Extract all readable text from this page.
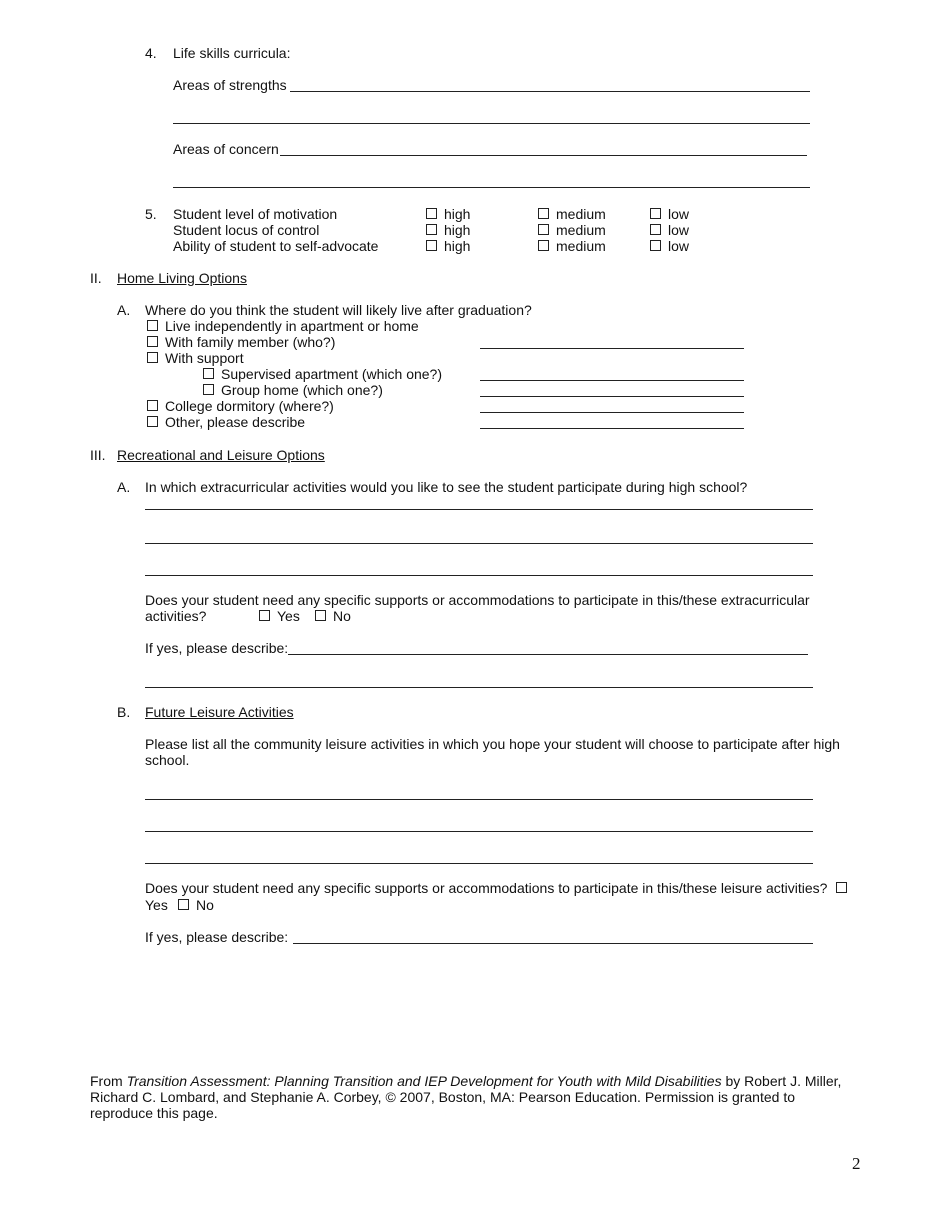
4. Life skills curricula:
Areas of strengths
Areas of concern
5. Student level of motivation	high	medium	low
Student locus of control	high	medium	low
Ability of student to self-advocate	high	medium	low
II. Home Living Options
A. Where do you think the student will likely live after graduation?
Live independently in apartment or home
With family member (who?)
With support
Supervised apartment (which one?)
Group home (which one?)
College dormitory (where?)
Other, please describe
III. Recreational and Leisure Options
A. In which extracurricular activities would you like to see the student participate during high school?
Does your student need any specific supports or accommodations to participate in this/these extracurricular
activities?	Yes No
If yes, please describe:
B. Future Leisure Activities
Please list all the community leisure activities in which you hope your student will choose to participate after high
school.
Does your student need any specific supports or accommodations to participate in this/these leisure activities?
Yes No
If yes, please describe:
From Transition Assessment: Planning Transition and IEP Development for Youth with Mild Disabilities by Robert J. Miller, Richard C. Lombard, and Stephanie A. Corbey, © 2007, Boston, MA: Pearson Education. Permission is granted to reproduce this page.
2
